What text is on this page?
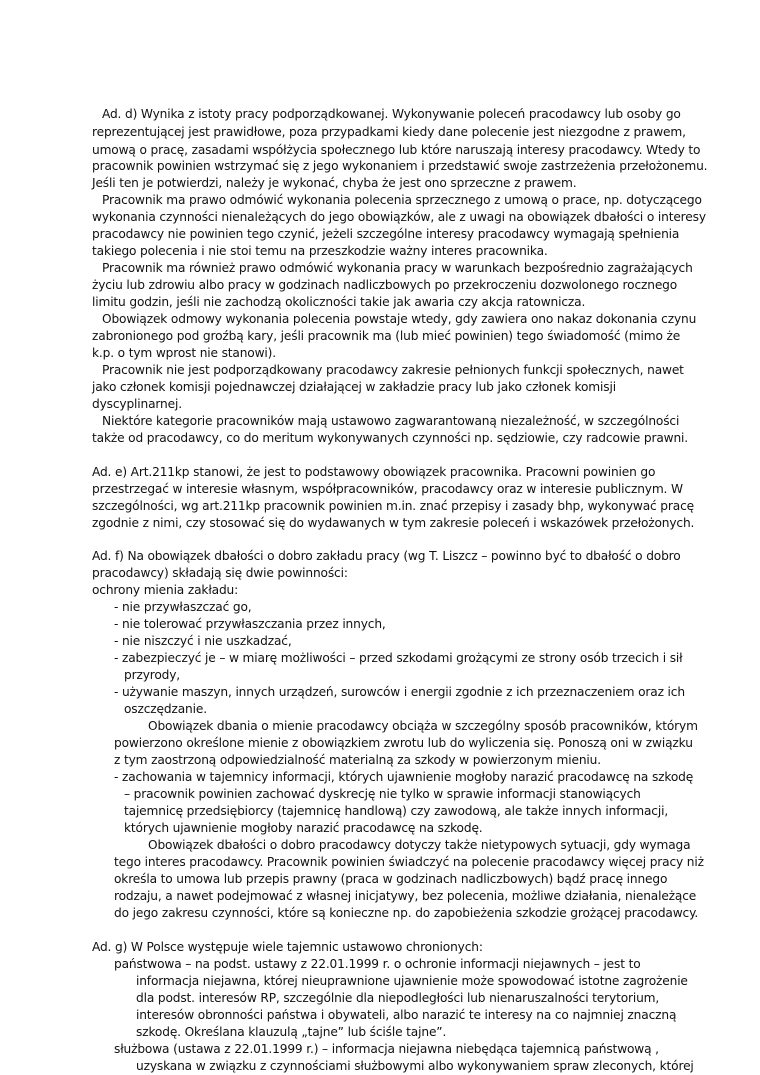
Ad. d) Wynika z istoty pracy podporządkowanej. Wykonywanie poleceń pracodawcy lub osoby go
reprezentującej jest prawidłowe, poza przypadkami kiedy dane polecenie jest niezgodne z prawem,
umową o pracę, zasadami współżycia społecznego lub które naruszają interesy pracodawcy. Wtedy to
pracownik powinien wstrzymać się z jego wykonaniem i przedstawić swoje zastrzeżenia przełożonemu.
Jeśli ten je potwierdzi, należy je wykonać, chyba że jest ono sprzeczne z prawem.
Pracownik ma prawo odmówić wykonania polecenia sprzecznego z umową o prace, np. dotyczącego
wykonania czynności nienależących do jego obowiązków, ale z uwagi na obowiązek dbałości o interesy
pracodawcy nie powinien tego czynić, jeżeli szczególne interesy pracodawcy wymagają spełnienia
takiego polecenia i nie stoi temu na przeszkodzie ważny interes pracownika.
Pracownik ma również prawo odmówić wykonania pracy w warunkach bezpośrednio zagrażających
życiu lub zdrowiu albo pracy w godzinach nadliczbowych po przekroczeniu dozwolonego rocznego
limitu godzin, jeśli nie zachodzą okoliczności takie jak awaria czy akcja ratownicza.
Obowiązek odmowy wykonania polecenia powstaje wtedy, gdy zawiera ono nakaz dokonania czynu
zabronionego pod groźbą kary, jeśli pracownik ma (lub mieć powinien) tego świadomość (mimo że
k.p. o tym wprost nie stanowi).
Pracownik nie jest podporządkowany pracodawcy zakresie pełnionych funkcji społecznych, nawet
jako członek komisji pojednawczej działającej w zakładzie pracy lub jako członek komisji
dyscyplinarnej.
Niektóre kategorie pracowników mają ustawowo zagwarantowaną niezależność, w szczególności
także od pracodawcy, co do meritum wykonywanych czynności np. sędziowie, czy radcowie prawni.
Ad. e) Art.211kp stanowi, że jest to podstawowy obowiązek pracownika. Pracowni powinien go
przestrzegać w interesie własnym, współpracowników, pracodawcy oraz w interesie publicznym. W
szczególności, wg art.211kp pracownik powinien m.in. znać przepisy i zasady bhp, wykonywać pracę
zgodnie z nimi, czy stosować się do wydawanych w tym zakresie poleceń i wskazówek przełożonych.
Ad. f) Na obowiązek dbałości o dobro zakładu pracy (wg T. Liszcz – powinno być to dbałość o dobro
pracodawcy) składają się dwie powinności:
ochrony mienia zakładu:
- nie przywłaszczać go,
- nie tolerować przywłaszczania przez innych,
- nie niszczyć i nie uszkadzać,
- zabezpieczyć je – w miarę możliwości – przed szkodami grożącymi ze strony osób trzecich i sił
przyrody,
- używanie maszyn, innych urządzeń, surowców i energii zgodnie z ich przeznaczeniem oraz ich
oszczędzanie.
Obowiązek dbania o mienie pracodawcy obciąża w szczególny sposób pracowników, którym
powierzono określone mienie z obowiązkiem zwrotu lub do wyliczenia się. Ponoszą oni w związku
z tym zaostrzoną odpowiedzialność materialną za szkody w powierzonym mieniu.
- zachowania w tajemnicy informacji, których ujawnienie mogłoby narazić pracodawcę na szkodę
– pracownik powinien zachować dyskrecję nie tylko w sprawie informacji stanowiących
tajemnicę przedsiębiorcy (tajemnicę handlową) czy zawodową, ale także innych informacji,
których ujawnienie mogłoby narazić pracodawcę na szkodę.
Obowiązek dbałości o dobro pracodawcy dotyczy także nietypowych sytuacji, gdy wymaga
tego interes pracodawcy. Pracownik powinien świadczyć na polecenie pracodawcy więcej pracy niż
określa to umowa lub przepis prawny (praca w godzinach nadliczbowych) bądź pracę innego
rodzaju, a nawet podejmować z własnej inicjatywy, bez polecenia, możliwe działania, nienależące
do jego zakresu czynności, które są konieczne np. do zapobieżenia szkodzie grożącej pracodawcy.
Ad. g) W Polsce występuje wiele tajemnic ustawowo chronionych:
państwowa – na podst. ustawy z 22.01.1999 r. o ochronie informacji niejawnych – jest to
informacja niejawna, której nieuprawnione ujawnienie może spowodować istotne zagrożenie
dla podst. interesów RP, szczególnie dla niepodległości lub nienaruszalności terytorium,
interesów obronności państwa i obywateli, albo narazić te interesy na co najmniej znaczną
szkodę. Określana klauzulą „tajne” lub ściśle tajne”.
służbowa (ustawa z 22.01.1999 r.) – informacja niejawna niebędąca tajemnicą państwową ,
uzyskana w związku z czynnościami służbowymi albo wykonywaniem spraw zleconych, której
